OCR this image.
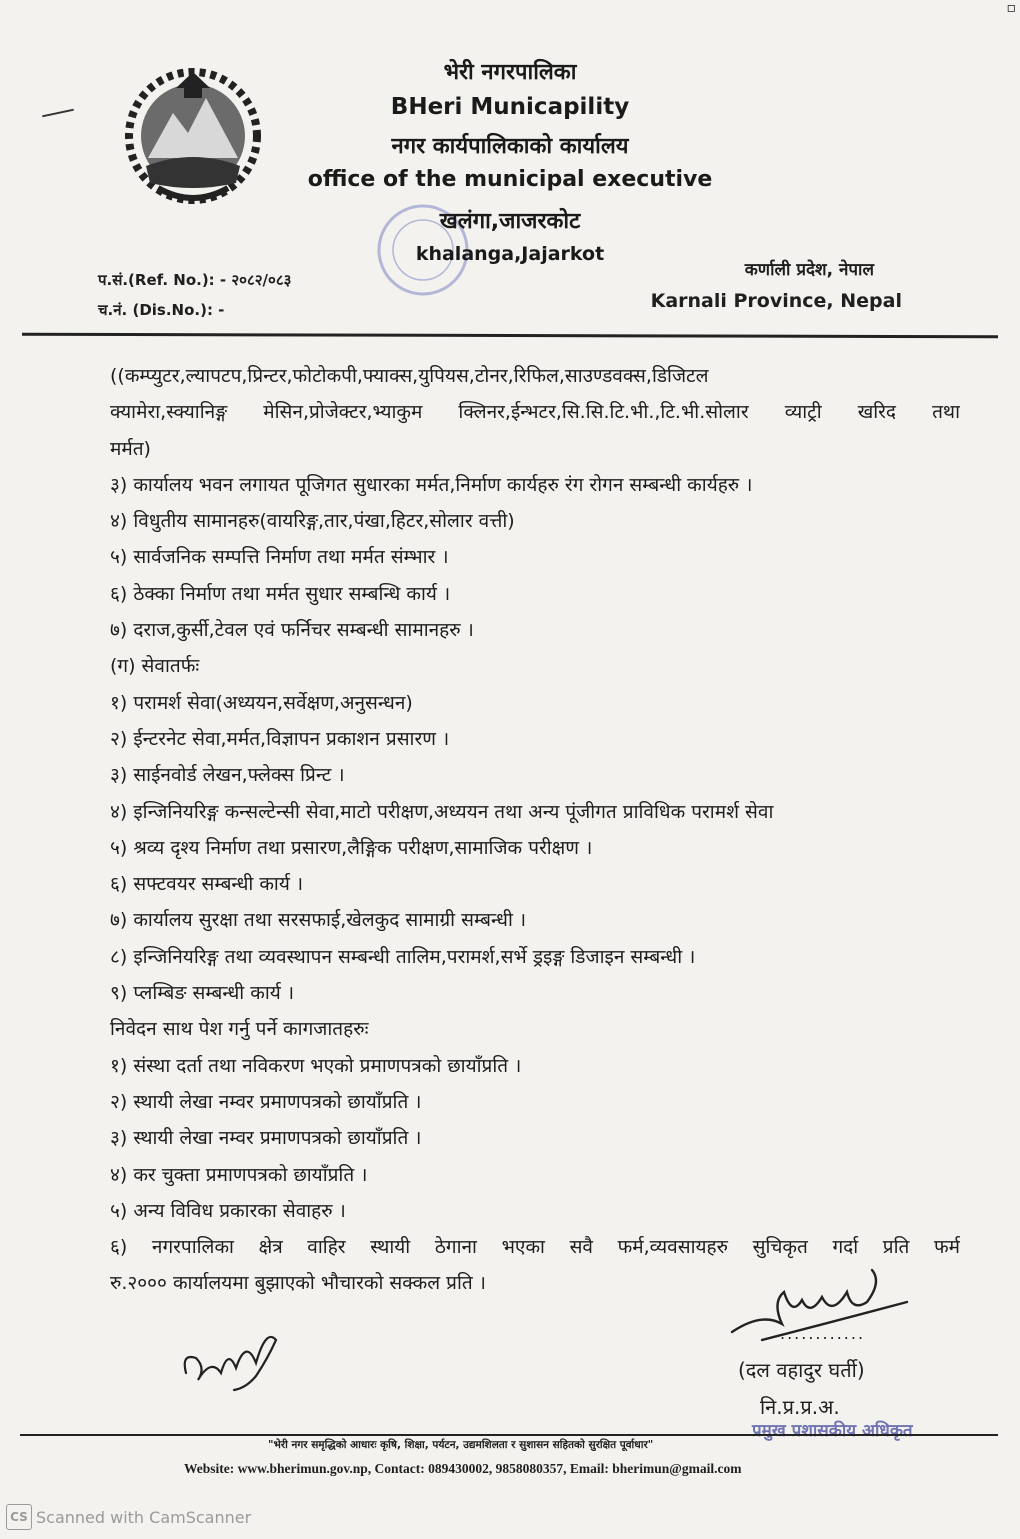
▫
भेरी नगरपालिका
BHeri Municapility
नगर कार्यपालिकाको कार्यालय
office of the municipal executive
खलंगा,जाजरकोट
khalanga,Jajarkot
प.सं.(Ref. No.): - २०८२/०८३
च.नं. (Dis.No.): -
कर्णाली प्रदेश, नेपाल
Karnali Province, Nepal
((कम्प्युटर,ल्यापटप,प्रिन्टर,फोटोकपी,फ्याक्स,युपियस,टोनर,रिफिल,साउण्डवक्स,डिजिटल
क्यामेरा,स्क्यानिङ्ग मेसिन,प्रोजेक्टर,भ्याकुम क्लिनर,ईन्भटर,सि.सि.टि.भी.,टि.भी.सोलार व्याट्री खरिद तथा
मर्मत)
३) कार्यालय भवन लगायत पूजिगत सुधारका मर्मत,निर्माण कार्यहरु रंग रोगन सम्बन्धी कार्यहरु ।
४) विधुतीय सामानहरु(वायरिङ्ग,तार,पंखा,हिटर,सोलार वत्ती)
५) सार्वजनिक सम्पत्ति निर्माण तथा मर्मत संम्भार ।
६) ठेक्का निर्माण तथा मर्मत सुधार सम्बन्धि कार्य ।
७) दराज,कुर्सी,टेवल एवं फर्निचर सम्बन्धी सामानहरु ।
(ग) सेवातर्फः
१) परामर्श सेवा(अध्ययन,सर्वेक्षण,अनुसन्धन)
२) ईन्टरनेट सेवा,मर्मत,विज्ञापन प्रकाशन प्रसारण ।
३) साईनवोर्ड लेखन,फ्लेक्स प्रिन्ट ।
४) इन्जिनियरिङ्ग कन्सल्टेन्सी सेवा,माटो परीक्षण,अध्ययन तथा अन्य पूंजीगत प्राविधिक परामर्श सेवा
५) श्रव्य दृश्य निर्माण तथा प्रसारण,लैङ्गिक परीक्षण,सामाजिक परीक्षण ।
६) सफ्टवयर सम्बन्धी कार्य ।
७) कार्यालय सुरक्षा तथा सरसफाई,खेलकुद सामाग्री सम्बन्धी ।
८) इन्जिनियरिङ्ग तथा व्यवस्थापन सम्बन्धी तालिम,परामर्श,सर्भे ड्रइङ्ग डिजाइन सम्बन्धी ।
९) प्लम्बिङ सम्बन्धी कार्य ।
निवेदन साथ पेश गर्नु पर्ने कागजातहरुः
१) संस्था दर्ता तथा नविकरण भएको प्रमाणपत्रको छायाँप्रति ।
२) स्थायी लेखा नम्वर प्रमाणपत्रको छायाँप्रति ।
३) स्थायी लेखा नम्वर प्रमाणपत्रको छायाँप्रति ।
४) कर चुक्ता प्रमाणपत्रको छायाँप्रति ।
५) अन्य विविध प्रकारका सेवाहरु ।
६) नगरपालिका क्षेत्र वाहिर स्थायी ठेगाना भएका सवै फर्म,व्यवसायहरु सुचिकृत गर्दा प्रति फर्म
रु.२००० कार्यालयमा बुझाएको भौचारको सक्कल प्रति ।
............
(दल वहादुर घर्ती)
नि.प्र.प्र.अ.
प्रमुख प्रशासकीय अधिकृत
"भेरी नगर समृद्धिको आधारः कृषि, शिक्षा, पर्यटन, उद्यमशिलता र सुशासन सहितको सुरक्षित पूर्वाधार"
Website: www.bherimun.gov.np, Contact: 089430002, 9858080357, Email: bherimun@gmail.com
CS Scanned with CamScanner
